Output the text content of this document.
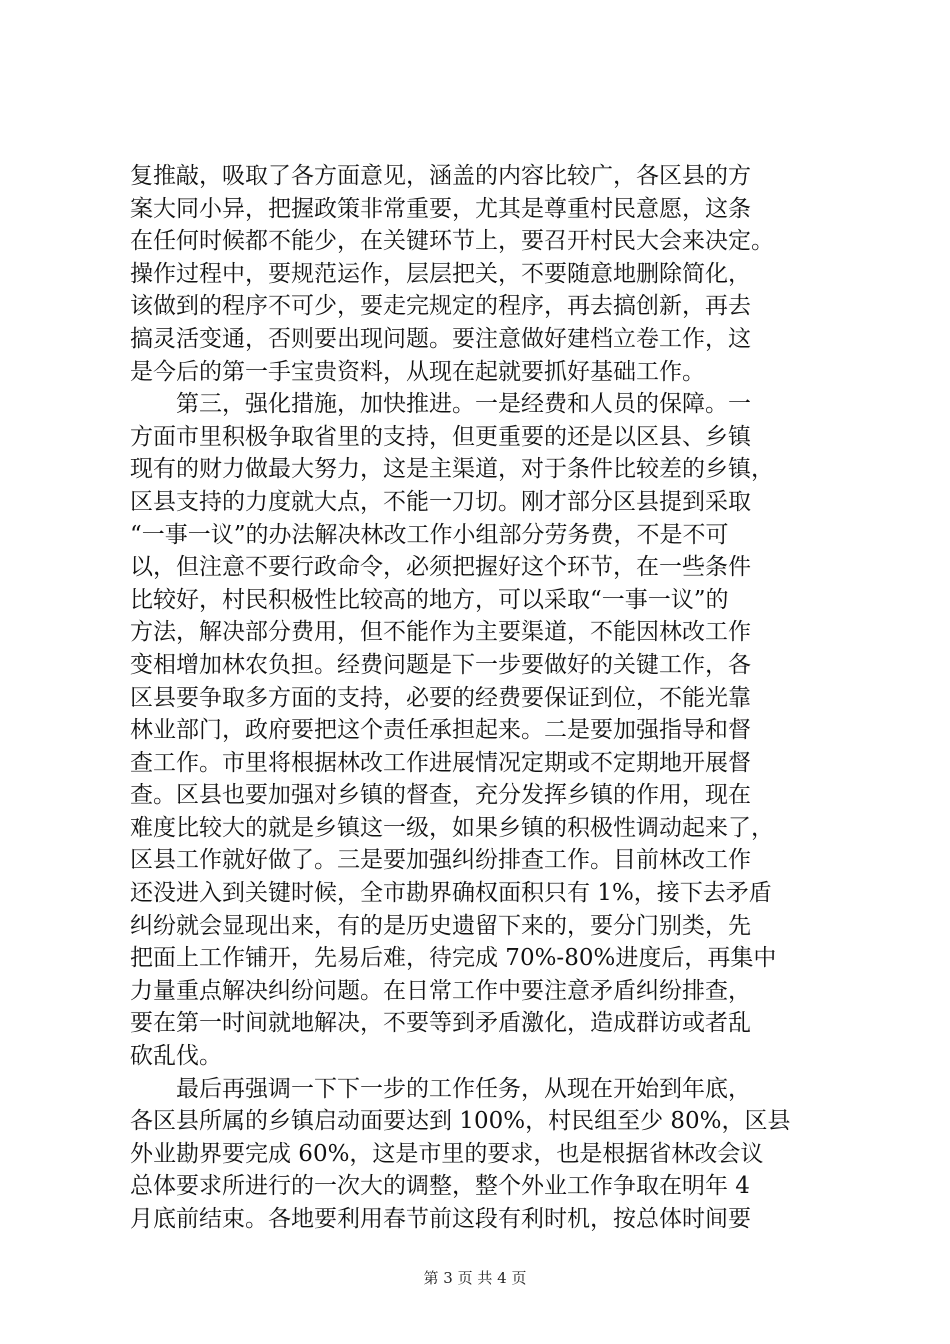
复推敲，吸取了各方面意见，涵盖的内容比较广，各区县的方
案大同小异，把握政策非常重要，尤其是尊重村民意愿，这条
在任何时候都不能少，在关键环节上，要召开村民大会来决定。
操作过程中，要规范运作，层层把关，不要随意地删除简化，
该做到的程序不可少，要走完规定的程序，再去搞创新，再去
搞灵活变通，否则要出现问题。要注意做好建档立卷工作，这
是今后的第一手宝贵资料，从现在起就要抓好基础工作。
第三，强化措施，加快推进。一是经费和人员的保障。一
方面市里积极争取省里的支持，但更重要的还是以区县、乡镇
现有的财力做最大努力，这是主渠道，对于条件比较差的乡镇，
区县支持的力度就大点，不能一刀切。刚才部分区县提到采取
“一事一议”的办法解决林改工作小组部分劳务费，不是不可
以，但注意不要行政命令，必须把握好这个环节，在一些条件
比较好，村民积极性比较高的地方，可以采取“一事一议”的
方法，解决部分费用，但不能作为主要渠道，不能因林改工作
变相增加林农负担。经费问题是下一步要做好的关键工作，各
区县要争取多方面的支持，必要的经费要保证到位，不能光靠
林业部门，政府要把这个责任承担起来。二是要加强指导和督
查工作。市里将根据林改工作进展情况定期或不定期地开展督
查。区县也要加强对乡镇的督查，充分发挥乡镇的作用，现在
难度比较大的就是乡镇这一级，如果乡镇的积极性调动起来了，
区县工作就好做了。三是要加强纠纷排查工作。目前林改工作
还没进入到关键时候，全市勘界确权面积只有 1%，接下去矛盾
纠纷就会显现出来，有的是历史遗留下来的，要分门别类，先
把面上工作铺开，先易后难，待完成 70%-80%进度后，再集中
力量重点解决纠纷问题。在日常工作中要注意矛盾纠纷排查，
要在第一时间就地解决，不要等到矛盾激化，造成群访或者乱
砍乱伐。
最后再强调一下下一步的工作任务，从现在开始到年底，
各区县所属的乡镇启动面要达到 100%，村民组至少 80%，区县
外业勘界要完成 60%，这是市里的要求，也是根据省林改会议
总体要求所进行的一次大的调整，整个外业工作争取在明年 4
月底前结束。各地要利用春节前这段有利时机，按总体时间要
第 3 页 共 4 页
